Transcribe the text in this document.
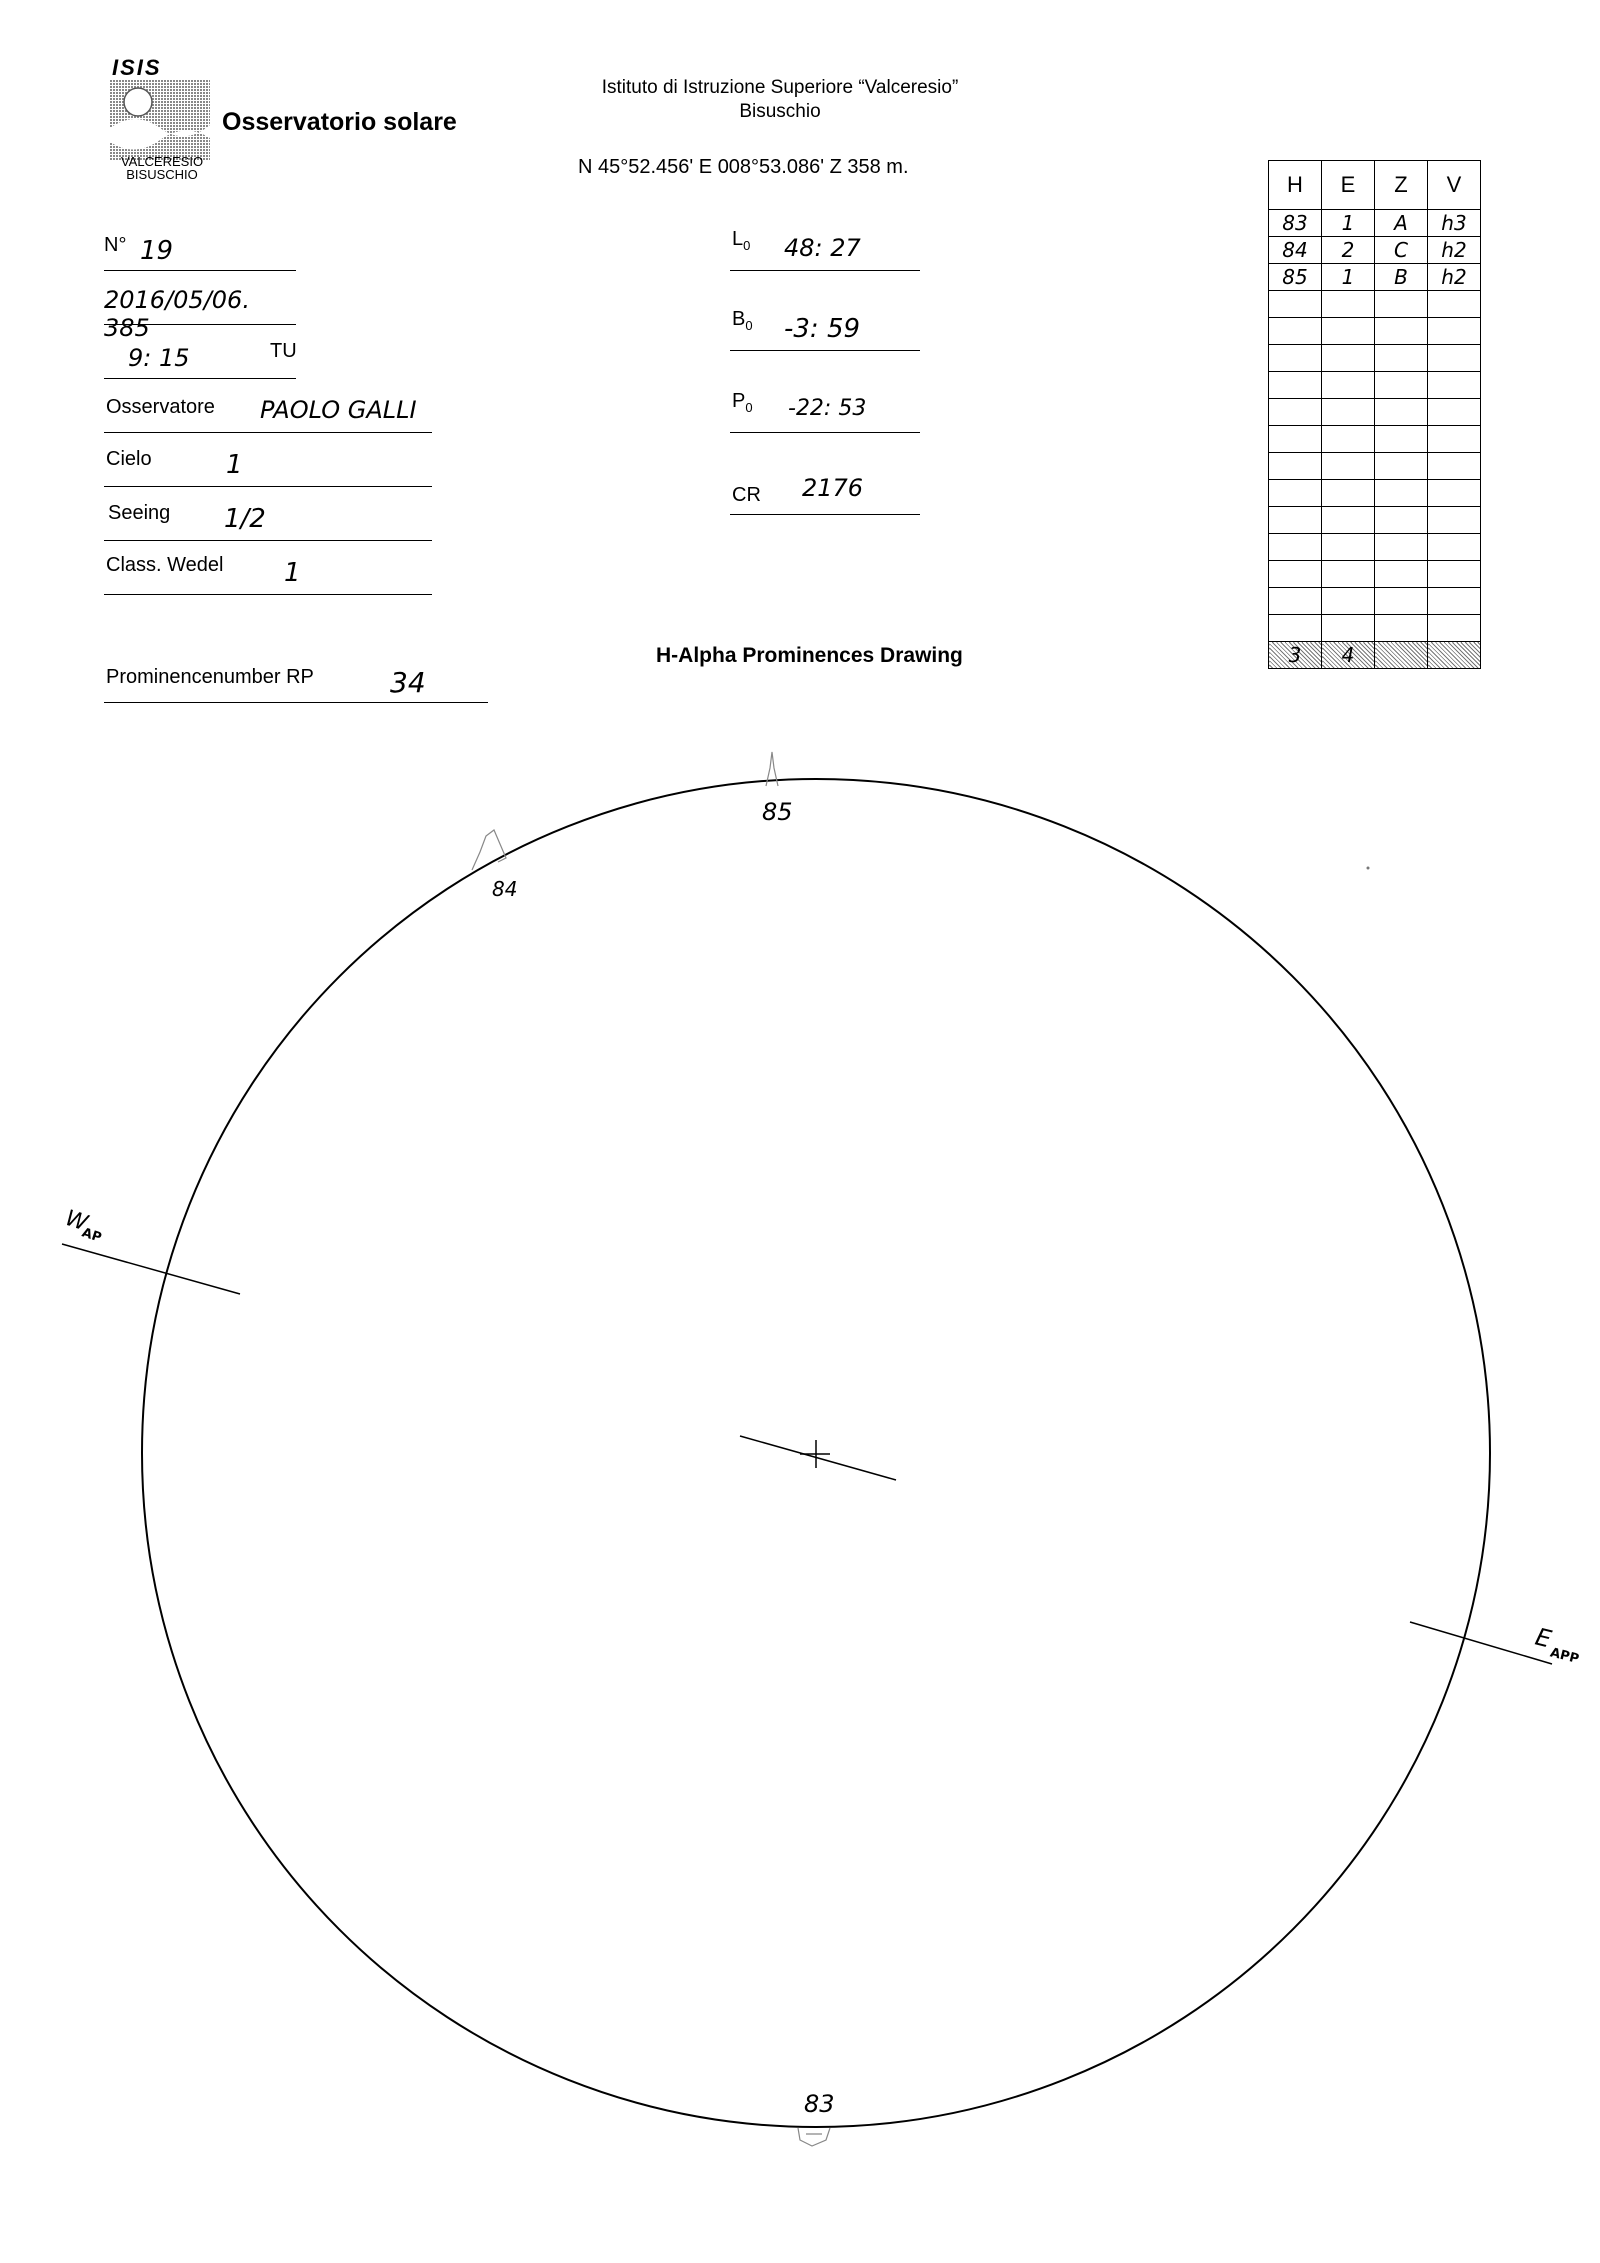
ISIS
VALCERESIO
BISUSCHIO
Osservatorio solare
Istituto di Istruzione Superiore “Valceresio”
Bisuschio
N 45°52.456' E 008°53.086' Z 358 m.
N° 19
2016/05/06. 385
9: 15	TU
Osservatore PAOLO GALLI
Cielo	1
Seeing 1/2
Class. Wedel 1
Prominencenumber RP	34
$L_0$ 48: 27
$B_0$ -3: 59
$P_0$ -22: 53
CR 2176
H-Alpha Prominences Drawing
H	E	Z	V
83	1	A	h3
84	2	C	h2
85	1	B	h2

3	4		
85
84
83
W
AP
E
APP
